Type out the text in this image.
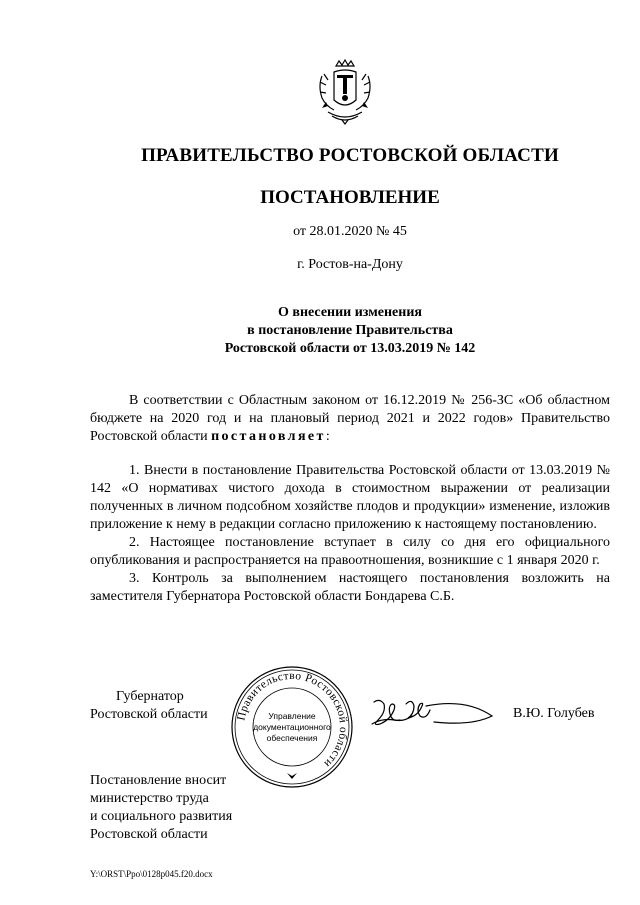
ПРАВИТЕЛЬСТВО РОСТОВСКОЙ ОБЛАСТИ
ПОСТАНОВЛЕНИЕ
от 28.01.2020 № 45
г. Ростов-на-Дону
О внесении изменения
в постановление Правительства
Ростовской области от 13.03.2019 № 142

В соответствии с Областным законом от 16.12.2019 № 256-ЗС «Об областном бюджете на 2020 год и на плановый период 2021 и 2022 годов» Правительство Ростовской области постановляет:

1. Внести в постановление Правительства Ростовской области от 13.03.2019 № 142 «О нормативах чистого дохода в стоимостном выражении от реализации полученных в личном подсобном хозяйстве плодов и продукции» изменение, изложив приложение к нему в редакции согласно приложению к настоящему постановлению.

2. Настоящее постановление вступает в силу со дня его официального опубликования и распространяется на правоотношения, возникшие с 1 января 2020 г.

3. Контроль за выполнением настоящего постановления возложить на заместителя Губернатора Ростовской области Бондарева С.Б.

Губернатор
Ростовской области Правительство Ростовской области
Управление
документационного
обеспечения
В.Ю. Голубев
Постановление вносит
министерство труда
и социального развития
Ростовской области
Y:\ORST\Ppo\0128p045.f20.docx
